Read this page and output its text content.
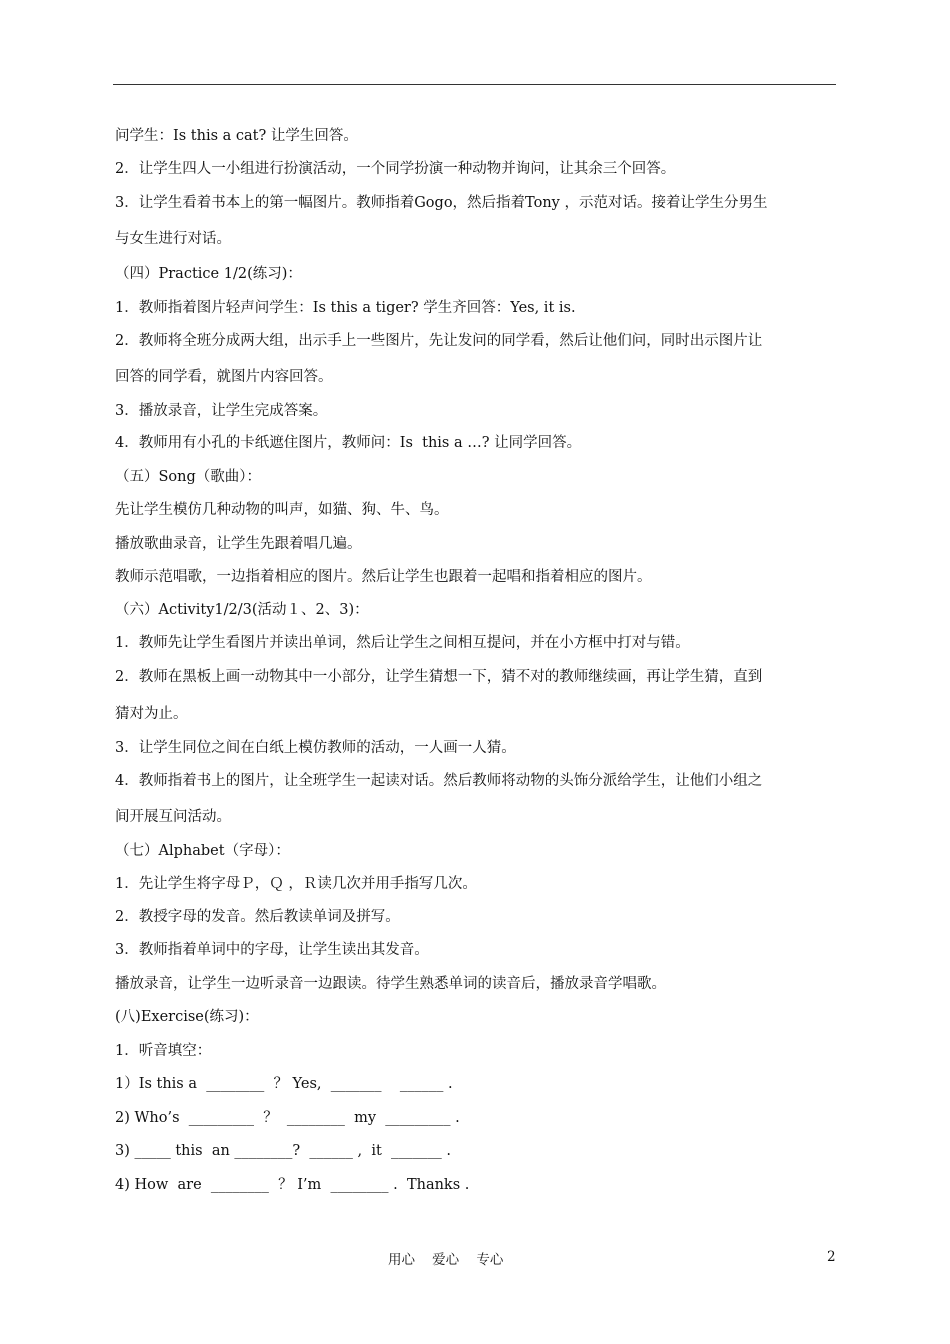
问学生：Is this a cat? 让学生回答。
2．让学生四人一小组进行扮演活动，一个同学扮演一种动物并询问，让其余三个回答。
3．让学生看着书本上的第一幅图片。教师指着Gogo，然后指着Tony ，示范对话。接着让学生分男生
与女生进行对话。
（四）Practice 1/2(练习)：
1．教师指着图片轻声问学生：Is this a tiger? 学生齐回答：Yes, it is.
2．教师将全班分成两大组，出示手上一些图片，先让发问的同学看，然后让他们问，同时出示图片让
回答的同学看，就图片内容回答。
3．播放录音，让学生完成答案。
4．教师用有小孔的卡纸遮住图片，教师问：Is  this a …? 让同学回答。
（五）Song（歌曲）：
先让学生模仿几种动物的叫声，如猫、狗、牛、鸟。
播放歌曲录音，让学生先跟着唱几遍。
教师示范唱歌，一边指着相应的图片。然后让学生也跟着一起唱和指着相应的图片。
（六）Activity1/2/3(活动１、2、3)：
1．教师先让学生看图片并读出单词，然后让学生之间相互提问，并在小方框中打对与错。
2．教师在黑板上画一动物其中一小部分，让学生猜想一下，猜不对的教师继续画，再让学生猜，直到
猜对为止。
3．让学生同位之间在白纸上模仿教师的活动，一人画一人猜。
4．教师指着书上的图片，让全班学生一起读对话。然后教师将动物的头饰分派给学生，让他们小组之
间开展互问活动。
（七）Alphabet（字母）：
1．先让学生将字母Ｐ，Ｑ ，Ｒ读几次并用手指写几次。
2．教授字母的发音。然后教读单词及拼写。
3．教师指着单词中的字母，让学生读出其发音。
播放录音，让学生一边听录音一边跟读。待学生熟悉单词的读音后，播放录音学唱歌。
(八)Exercise(练习)：
1．听音填空：
1）Is this a  ________  ？ Yes,  _______    ______ .
2) Who’s  _________  ？  ________  my  _________ .
3) _____ this  an ________?  ______ ,  it  _______ .
4) How  are  ________  ？ I’m  ________ .  Thanks .
用心    爱心    专心	2
